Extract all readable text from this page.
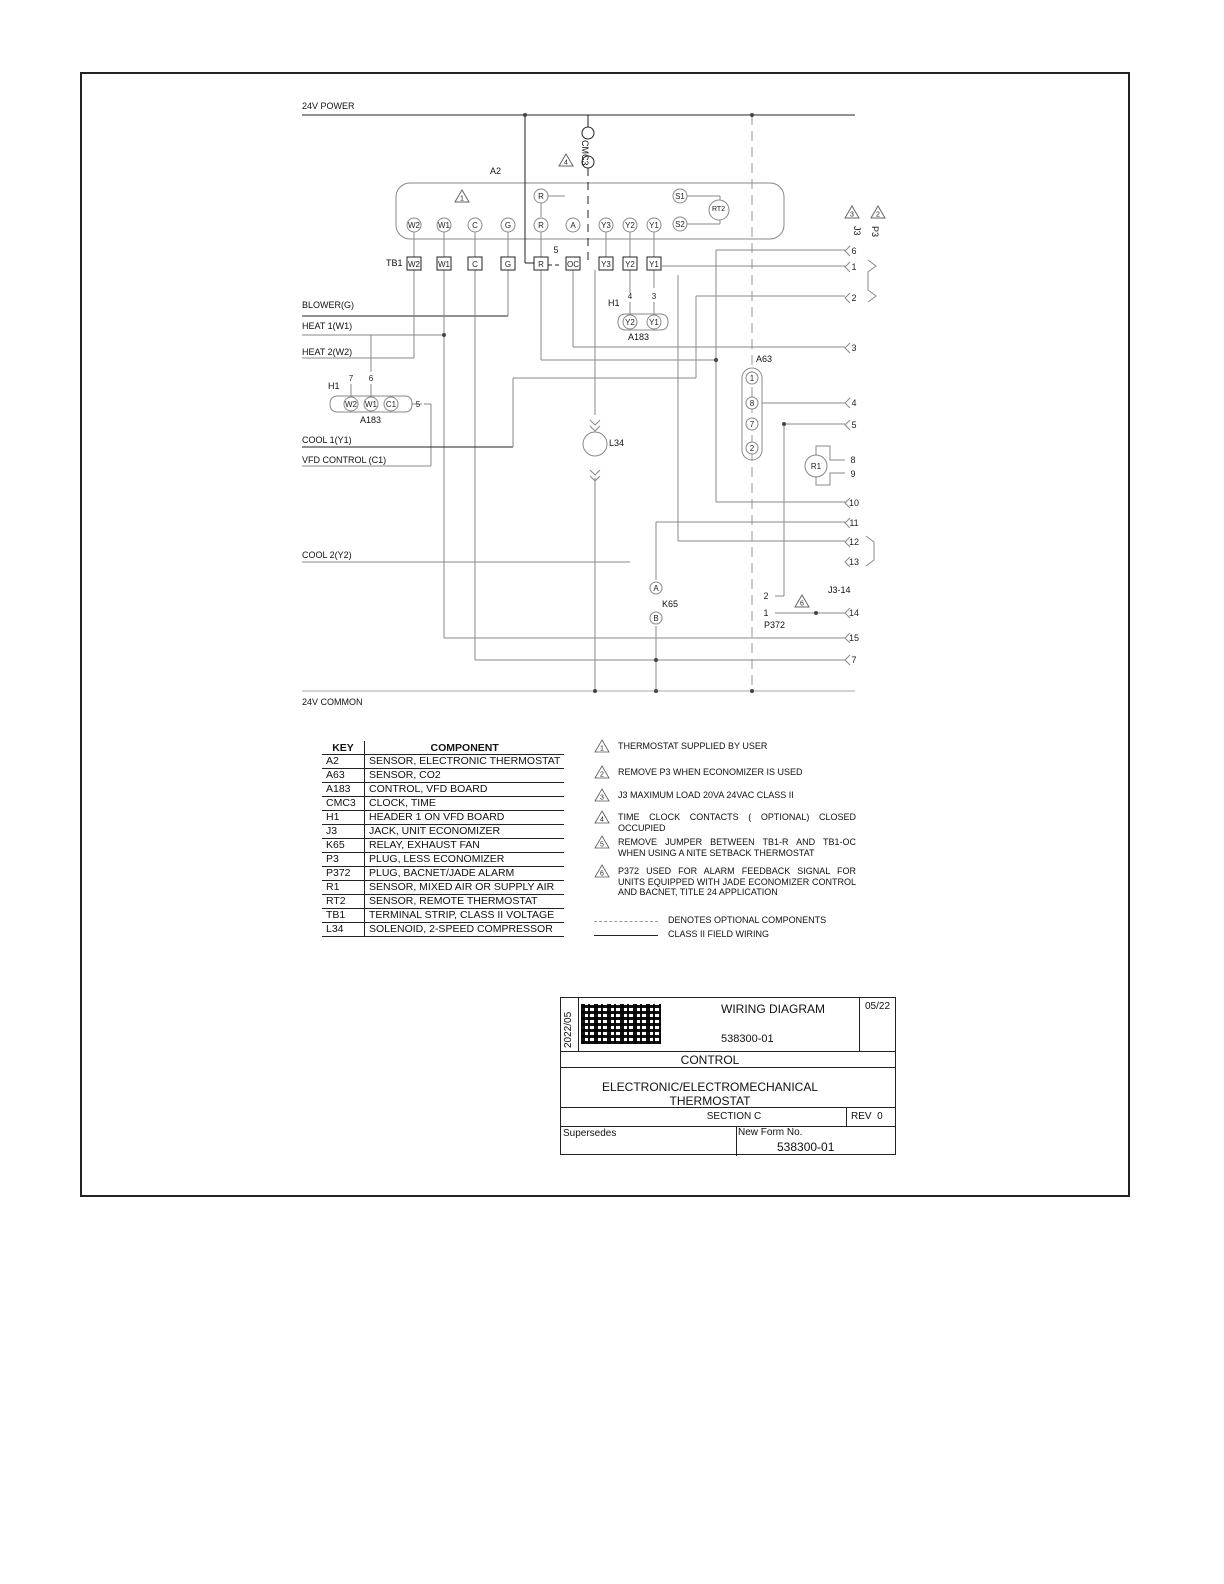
W2 W1	C	G	R	A	Y3 Y2 Y1
R	S1
S2
1
4
5
W2 W1	C	G	R	OC	Y3 Y2 Y1
W2 W1 C1
7 6
5
Y2 Y1
4 3
1
8
7
2
R1
8
9
A
B
2
1
6
3	2
6
1
2
3
4
5
10
11
12
13
14
15
7
24V POWER
24V COMMON
A2
CMC3
TB1
RT2
BLOWER(G)
HEAT 1(W1)
HEAT 2(W2)
COOL 1(Y1)
VFD CONTROL (C1)
COOL 2(Y2)
H1
A183
H1
A183
A63
L34
K65
P372
J3-14
J3 P3
KEY	COMPONENT
A2	SENSOR, ELECTRONIC THERMOSTAT
A63	SENSOR, CO2
A183	CONTROL, VFD BOARD
CMC3	CLOCK, TIME
H1	HEADER 1 ON VFD BOARD
J3	JACK, UNIT ECONOMIZER
K65	RELAY, EXHAUST FAN
P3	PLUG, LESS ECONOMIZER
P372	PLUG, BACNET/JADE ALARM
R1	SENSOR, MIXED AIR OR SUPPLY AIR
RT2	SENSOR, REMOTE THERMOSTAT
TB1	TERMINAL STRIP, CLASS II VOLTAGE
L34	SOLENOID, 2-SPEED COMPRESSOR
1 THERMOSTAT SUPPLIED BY USER
2 REMOVE P3 WHEN ECONOMIZER IS USED
3 J3 MAXIMUM LOAD 20VA 24VAC CLASS II
4 TIME CLOCK CONTACTS ( OPTIONAL) CLOSED OCCUPIED
5 REMOVE JUMPER BETWEEN TB1-R AND TB1-OC WHEN USING A NITE SETBACK THERMOSTAT
6 P372 USED FOR ALARM FEEDBACK SIGNAL FOR UNITS EQUIPPED WITH JADE ECONOMIZER CONTROL AND BACNET, TITLE 24 APPLICATION
DENOTES OPTIONAL COMPONENTS
CLASS II FIELD WIRING
2022/05
WIRING DIAGRAM	05/22
538300-01
CONTROL
ELECTRONIC/ELECTROMECHANICAL THERMOSTAT
SECTION C	REV  0
Supersedes	New Form No.
538300-01
